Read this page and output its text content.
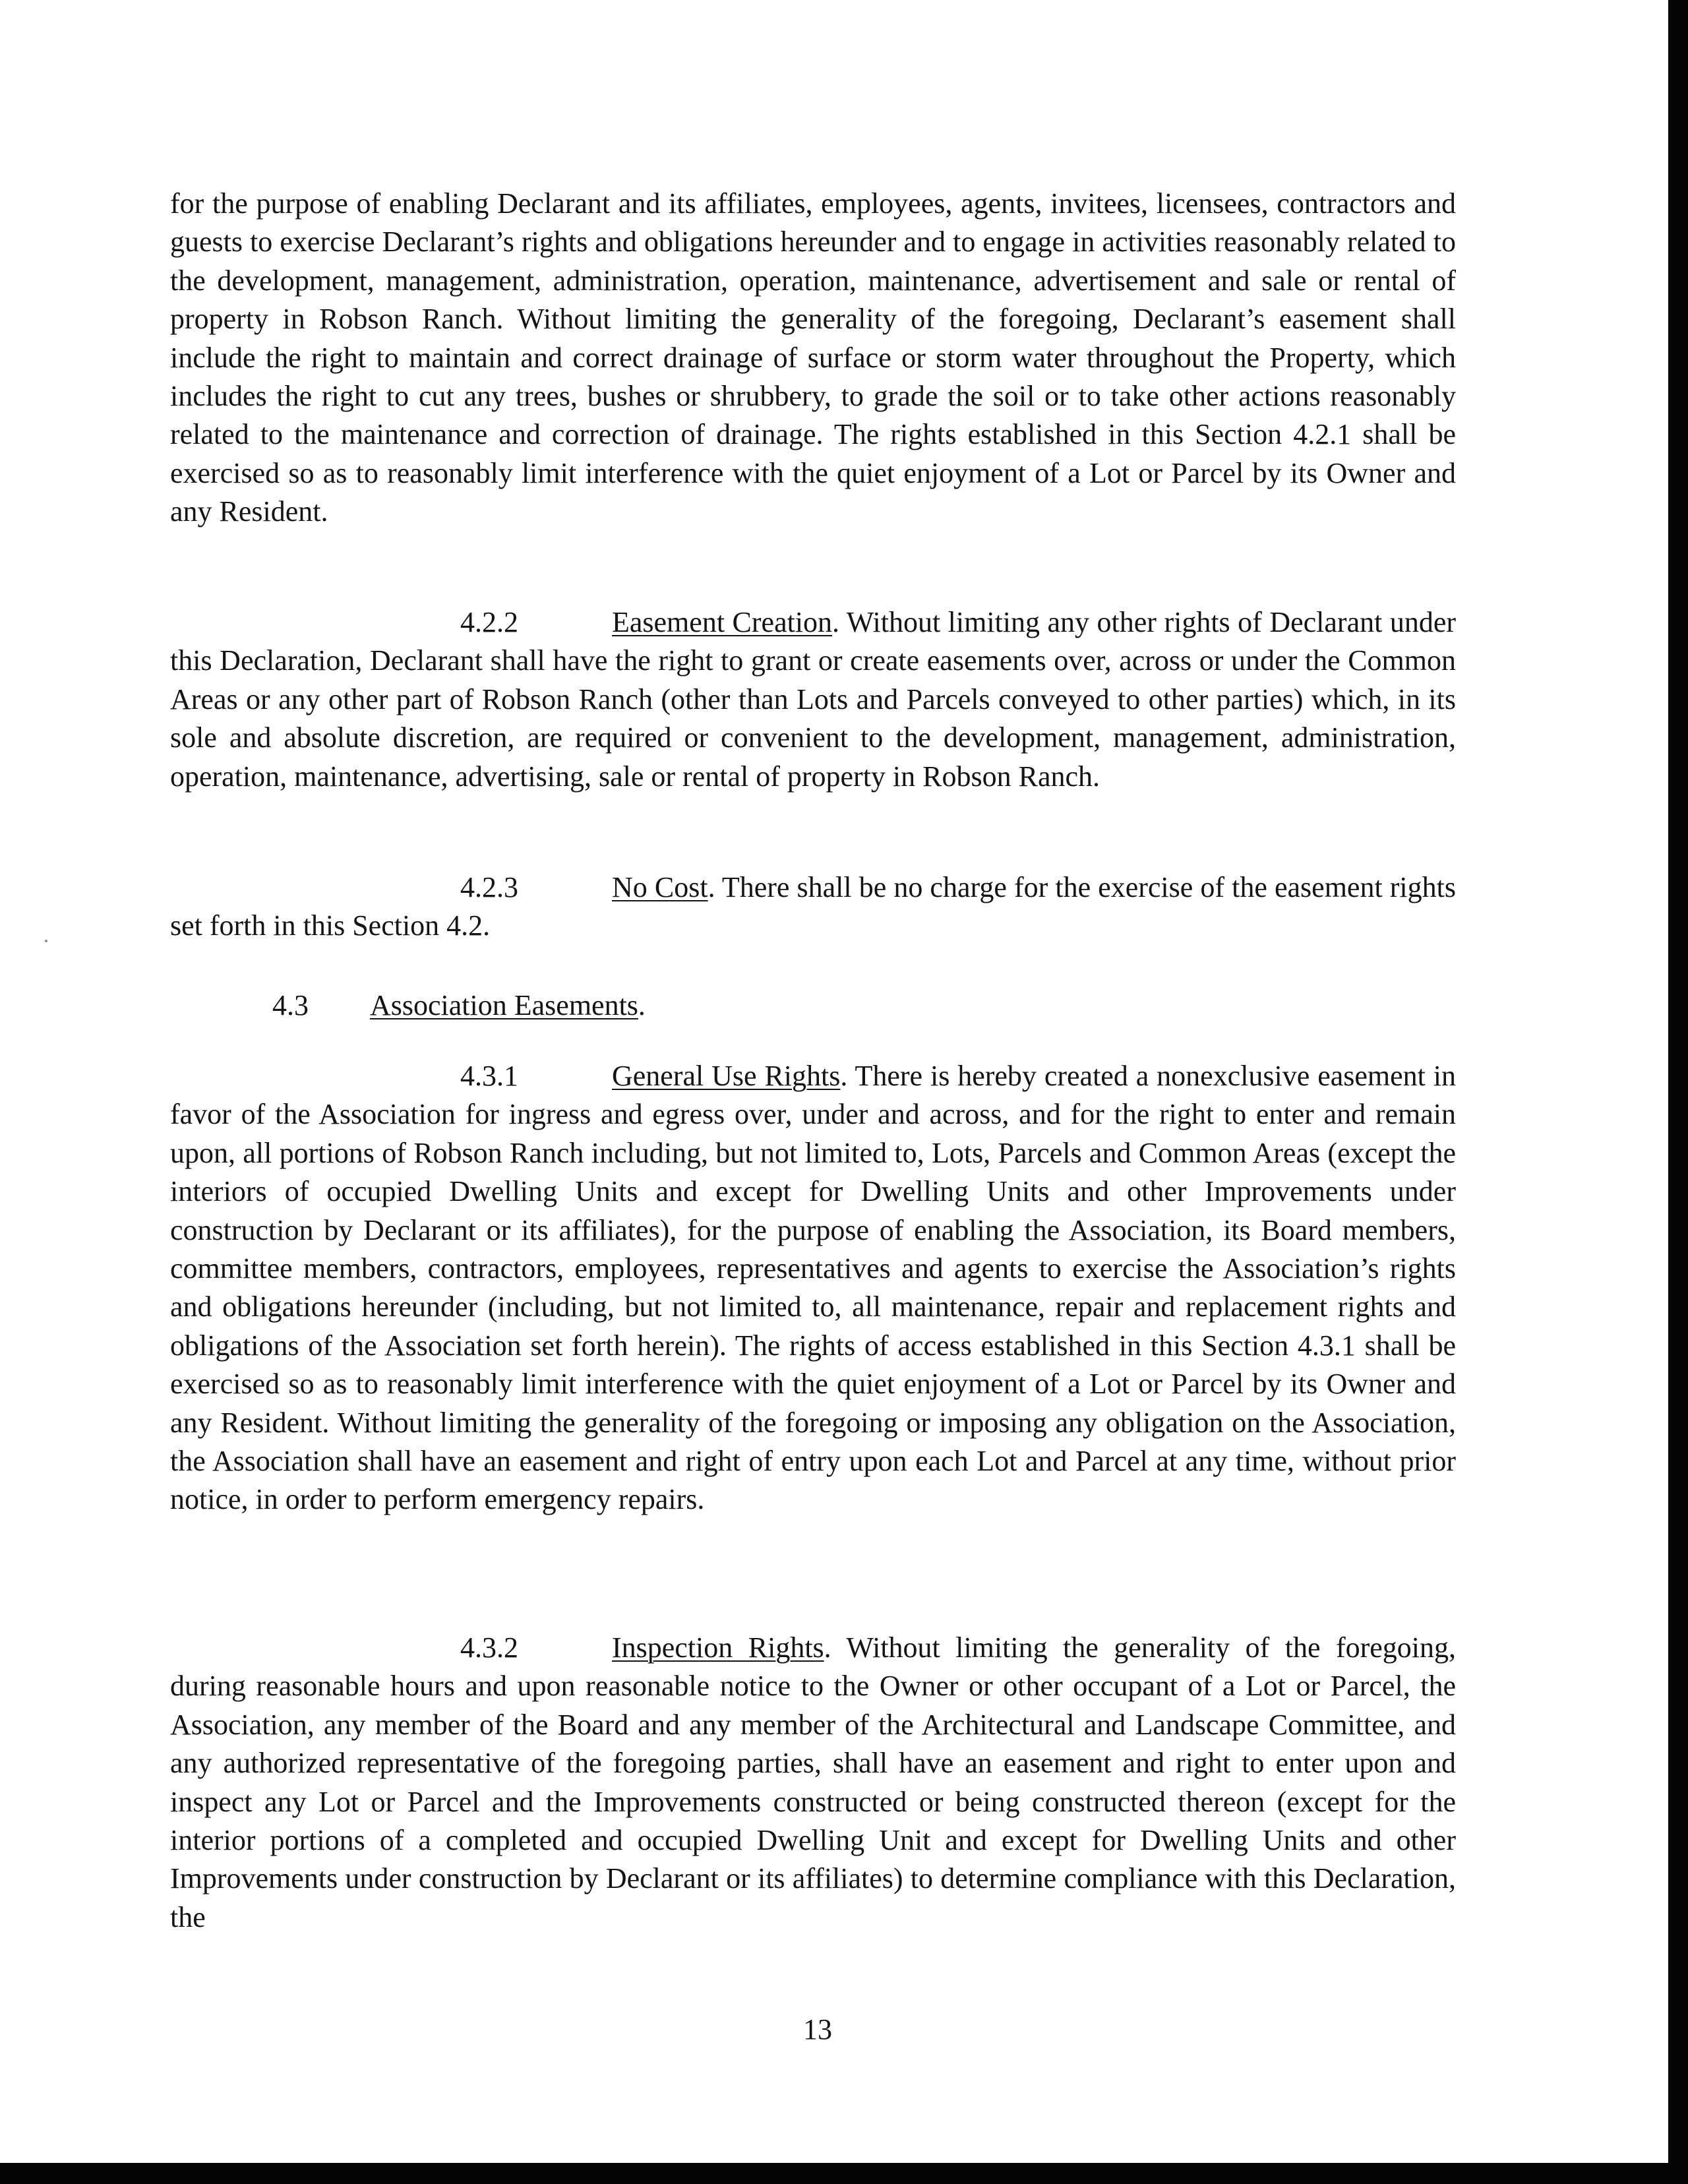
for the purpose of enabling Declarant and its affiliates, employees, agents, invitees, licensees, contractors and guests to exercise Declarant’s rights and obligations hereunder and to engage in activities reasonably related to the development, management, administration, operation, maintenance, advertisement and sale or rental of property in Robson Ranch. Without limiting the generality of the foregoing, Declarant’s easement shall include the right to maintain and correct drainage of surface or storm water throughout the Property, which includes the right to cut any trees, bushes or shrubbery, to grade the soil or to take other actions reasonably related to the maintenance and correction of drainage. The rights established in this Section 4.2.1 shall be exercised so as to reasonably limit interference with the quiet enjoyment of a Lot or Parcel by its Owner and any Resident.
4.2.2	Easement Creation. Without limiting any other rights of Declarant under this Declaration, Declarant shall have the right to grant or create easements over, across or under the Common Areas or any other part of Robson Ranch (other than Lots and Parcels conveyed to other parties) which, in its sole and absolute discretion, are required or convenient to the development, management, administration, operation, maintenance, advertising, sale or rental of property in Robson Ranch.
4.2.3	No Cost. There shall be no charge for the exercise of the easement rights set forth in this Section 4.2.
4.3 Association Easements.
4.3.1	General Use Rights. There is hereby created a nonexclusive easement in favor of the Association for ingress and egress over, under and across, and for the right to enter and remain upon, all portions of Robson Ranch including, but not limited to, Lots, Parcels and Common Areas (except the interiors of occupied Dwelling Units and except for Dwelling Units and other Improvements under construction by Declarant or its affiliates), for the purpose of enabling the Association, its Board members, committee members, contractors, employees, representatives and agents to exercise the Association’s rights and obligations hereunder (including, but not limited to, all maintenance, repair and replacement rights and obligations of the Association set forth herein). The rights of access established in this Section 4.3.1 shall be exercised so as to reasonably limit interference with the quiet enjoyment of a Lot or Parcel by its Owner and any Resident. Without limiting the generality of the foregoing or imposing any obligation on the Association, the Association shall have an easement and right of entry upon each Lot and Parcel at any time, without prior notice, in order to perform emergency repairs.
4.3.2	Inspection Rights. Without limiting the generality of the foregoing, during reasonable hours and upon reasonable notice to the Owner or other occupant of a Lot or Parcel, the Association, any member of the Board and any member of the Architectural and Landscape Committee, and any authorized representative of the foregoing parties, shall have an easement and right to enter upon and inspect any Lot or Parcel and the Improvements constructed or being constructed thereon (except for the interior portions of a completed and occupied Dwelling Unit and except for Dwelling Units and other Improvements under construction by Declarant or its affiliates) to determine compliance with this Declaration, the
13
